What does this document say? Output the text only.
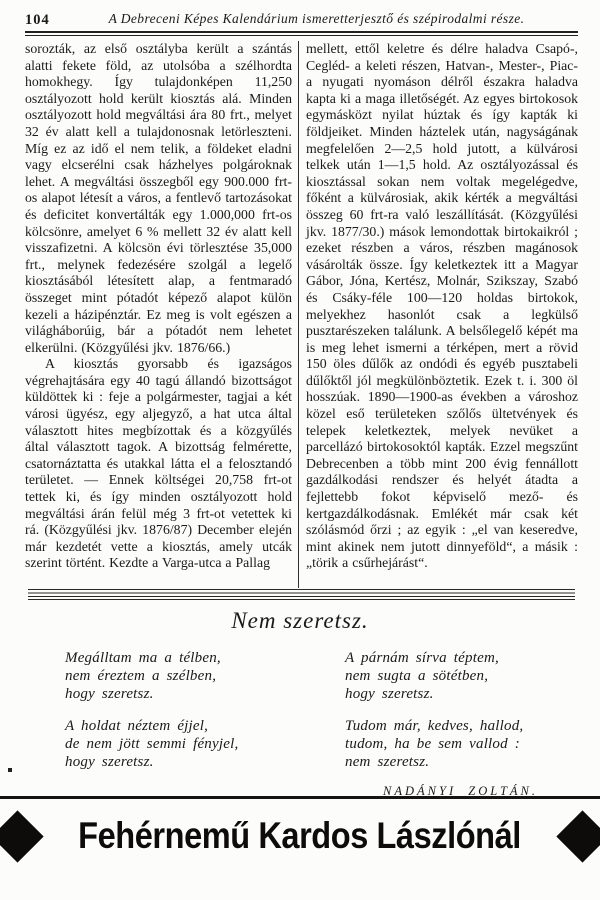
104	A Debreceni Képes Kalendárium ismeretterjesztő és szépirodalmi része.

sorozták, az első osztályba került a szántás alatti fekete föld, az utolsóba a szélhordta homokhegy. Így tulajdonképen 11,250 osztályozott hold került kiosztás alá. Minden osztályozott hold megváltási ára 80 frt., melyet 32 év alatt kell a tulajdonosnak letörleszteni. Míg ez az idő el nem telik, a földeket eladni vagy elcserélni csak házhelyes polgároknak lehet. A megváltási összegből egy 900.000 frt-os alapot létesít a város, a fentlevő tartozásokat és deficitet konvertálták egy 1.000,000 frt-os kölcsönre, amelyet 6 % mellett 32 év alatt kell visszafizetni. A kölcsön évi törlesztése 35,000 frt., melynek fedezésére szolgál a legelő kiosztásából létesített alap, a fentmaradó összeget mint pótadót képező alapot külön kezeli a házipénztár. Ez meg is volt egészen a világháborúig, bár a pótadót nem lehetet elkerülni. (Közgyűlési jkv. 1876/66.)

A kiosztás gyorsabb és igazságos végrehajtására egy 40 tagú állandó bizottságot küldöttek ki : feje a polgármester, tagjai a két városi ügyész, egy aljegyző, a hat utca által választott hites megbízottak és a közgyűlés által választott tagok. A bizottság felmérette, csatornáztatta és utakkal látta el a felosztandó területet. — Ennek költségei 20,758 frt-ot tettek ki, és így minden osztályozott hold megváltási árán felül még 3 frt-ot vetettek ki rá. (Közgyűlési jkv. 1876/87) December elején már kezdetét vette a kiosztás, amely utcák szerint történt. Kezdte a Varga-utca a Pallag

mellett, ettől keletre és délre haladva Csapó-, Cegléd- a keleti részen, Hatvan-, Mester-, Piac- a nyugati nyomáson délről északra haladva kapta ki a maga illetőségét. Az egyes birtokosok egymásközt nyilat húztak és így kapták ki földjeiket. Minden háztelek után, nagyságának megfelelően 2—2,5 hold jutott, a külvárosi telkek után 1—1,5 hold. Az osztályozással és kiosztással sokan nem voltak megelégedve, főként a külvárosiak, akik kérték a megváltási összeg 60 frt-ra való leszállítását. (Közgyűlési jkv. 1877/30.) mások lemondottak birtokaikról ; ezeket részben a város, részben magánosok vásárolták össze. Így keletkeztek itt a Magyar Gábor, Jóna, Kertész, Molnár, Szikszay, Szabó és Csáky-féle 100—120 holdas birtokok, melyekhez hasonlót csak a legkülső pusztarészeken találunk. A belsőlegelő képét ma is meg lehet ismerni a térképen, mert a rövid 150 öles dűlők az ondódi és egyéb pusztabeli dűlőktől jól megkülönböztetik. Ezek t. i. 300 öl hosszúak. 1890—1900-as években a városhoz közel eső területeken szőlős ültetvények és telepek keletkeztek, melyek nevüket a parcellázó birtokosoktól kapták. Ezzel megszűnt Debrecenben a több mint 200 évig fennállott gazdálkodási rendszer és helyét átadta a fejlettebb fokot képviselő mező- és kertgazdálkodásnak. Emlékét már csak két szólásmód őrzi ; az egyik : „el van keseredve, mint akinek nem jutott dinnyeföld“, a másik : „törik a csűrhejárást“.

Nem szeretsz.
Megálltam ma a télben,
nem éreztem a szélben,
hogy szeretsz.
A párnám sírva téptem,
nem sugta a sötétben,
hogy szeretsz.
A holdat néztem éjjel,
de nem jött semmi fényjel,
hogy szeretsz.
Tudom már, kedves, hallod,
tudom, ha be sem vallod :
nem szeretsz.
NADÁNYI ZOLTÁN.
Fehérnemű Kardos Lászlónál
